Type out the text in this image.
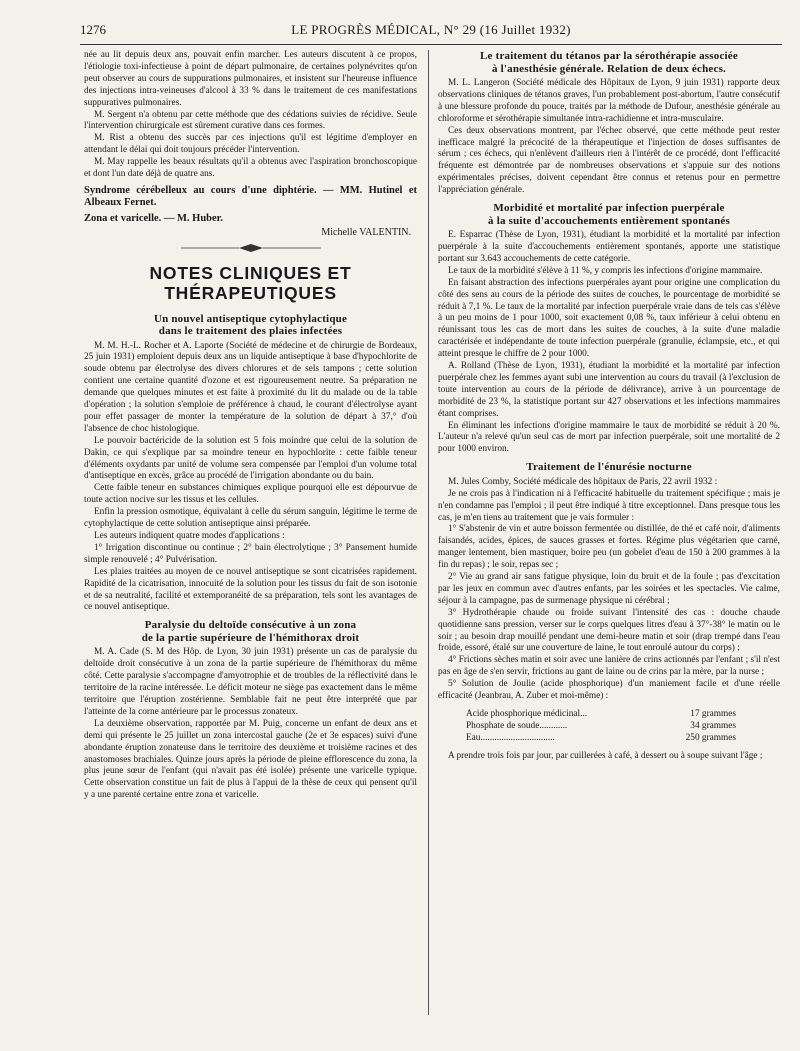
1276	LE PROGRÈS MÉDICAL, N° 29 (16 Juillet 1932)

née au lit depuis deux ans, pouvait enfin marcher. Les auteurs discutent à ce propos, l'étiologie toxi-infectieuse à point de départ pulmonaire, de certaines polynévrites qu'on peut observer au cours de suppurations pulmonaires, et insistent sur l'heureuse influence des injections intra-veineuses d'alcool à 33 % dans le traitement de ces manifestations suppuratives pulmonaires.

M. Sergent n'a obtenu par cette méthode que des cédations suivies de récidive. Seule l'intervention chirurgicale est sûrement curative dans ces formes.

M. Rist a obtenu des succès par ces injections qu'il est légitime d'employer en attendant le délai qui doit toujours précéder l'intervention.

M. May rappelle les beaux résultats qu'il a obtenus avec l'aspiration bronchoscopique et dont l'un date déjà de quatre ans.

Syndrome cérébelleux au cours d'une diphtérie. — MM. Hutinel et Albeaux Fernet.

Zona et varicelle. — M. Huber.

Michelle VALENTIN.
NOTES CLINIQUES ET THÉRAPEUTIQUES
Un nouvel antiseptique cytophylactique
dans le traitement des plaies infectées

M. M. H.-L. Rocher et A. Laporte (Société de médecine et de chirurgie de Bordeaux, 25 juin 1931) emploient depuis deux ans un liquide antiseptique à base d'hypochlorite de soude obtenu par électrolyse des divers chlorures et de sels tampons ; cette solution contient une certaine quantité d'ozone et est rigoureusement neutre. Sa préparation ne demande que quelques minutes et est faite à proximité du lit du malade ou de la table d'opération ; la solution s'emploie de préférence à chaud, le courant d'électrolyse ayant pour effet passager de monter la température de la solution de départ à 37,° d'où l'absence de choc histologique.

Le pouvoir bactéricide de la solution est 5 fois moindre que celui de la solution de Dakin, ce qui s'explique par sa moindre teneur en hypochlorite : cette faible teneur d'éléments oxydants par unité de volume sera compensée par l'emploi d'un volume total d'antiseptique en excès, grâce au procédé de l'irrigation abondante ou du bain.

Cette faible teneur en substances chimiques explique pourquoi elle est dépourvue de toute action nocive sur les tissus et les cellules.

Enfin la pression osmotique, équivalant à celle du sérum sanguin, légitime le terme de cytophylactique de cette solution antiseptique ainsi préparée.

Les auteurs indiquent quatre modes d'applications :

1° Irrigation discontinue ou continue ; 2° bain électrolytique ; 3° Pansement humide simple renouvelé ; 4° Pulvérisation.

Les plaies traitées au moyen de ce nouvel antiseptique se sont cicatrisées rapidement. Rapidité de la cicatrisation, innocuité de la solution pour les tissus du fait de son isotonie et de sa neutralité, facilité et extemporanéité de sa préparation, tels sont les avantages de ce nouvel antiseptique.

Paralysie du deltoïde consécutive à un zona
de la partie supérieure de l'hémithorax droit

M. A. Cade (S. M des Hôp. de Lyon, 30 juin 1931) présente un cas de paralysie du deltoïde droit consécutive à un zona de la partie supérieure de l'hémithorax du même côté. Cette paralysie s'accompagne d'amyotrophie et de troubles de la réflectivité dans le territoire de la racine intéressée. Le déficit moteur ne siège pas exactement dans le même territoire que l'éruption zostérienne. Semblable fait ne peut être interprété que par l'atteinte de la corne antérieure par le processus zonateux.

La deuxième observation, rapportée par M. Puig, concerne un enfant de deux ans et demi qui présente le 25 juillet un zona intercostal gauche (2e et 3e espaces) suivi d'une abondante éruption zonateuse dans le territoire des deuxième et troisième racines et des anastomoses brachiales. Quinze jours après la période de pleine efflorescence du zona, la plus jeune sœur de l'enfant (qui n'avait pas été isolée) présente une varicelle typique. Cette observation constitue un fait de plus à l'appui de la thèse de ceux qui pensent qu'il y a une parenté certaine entre zona et varicelle.

Le traitement du tétanos par la sérothérapie associée
à l'anesthésie générale. Relation de deux échecs.

M. L. Langeron (Société médicale des Hôpitaux de Lyon, 9 juin 1931) rapporte deux observations cliniques de tétanos graves, l'un probablement post-abortum, l'autre consécutif à une blessure profonde du pouce, traités par la méthode de Dufour, anesthésie générale au chloroforme et sérothérapie simultanée intra-rachidienne et intra-musculaire.

Ces deux observations montrent, par l'échec observé, que cette méthode peut rester inefficace malgré la précocité de la thérapeutique et l'injection de doses suffisantes de sérum ; ces échecs, qui n'enlèvent d'ailleurs rien à l'intérêt de ce procédé, dont l'efficacité fréquente est démontrée par de nombreuses observations et s'appuie sur des notions expérimentales précises, doivent cependant être connus et retenus pour en permettre l'appréciation générale.

Morbidité et mortalité par infection puerpérale
à la suite d'accouchements entièrement spontanés

E. Esparrac (Thèse de Lyon, 1931), étudiant la morbidité et la mortalité par infection puerpérale à la suite d'accouchements entièrement spontanés, apporte une statistique portant sur 3.643 accouchements de cette catégorie.

Le taux de la morbidité s'élève à 11 %, y compris les infections d'origine mammaire.

En faisant abstraction des infections puerpérales ayant pour origine une complication du côté des sens au cours de la période des suites de couches, le pourcentage de morbidité se réduit à 7,1 %. Le taux de la mortalité par infection puerpérale vraie dans de tels cas s'élève à un peu moins de 1 pour 1000, soit exactement 0,08 %, taux inférieur à celui obtenu en réunissant tous les cas de mort dans les suites de couches, à la suite d'une maladie caractérisée et indépendante de toute infection puerpérale (granulie, éclampsie, etc., et qui atteint presque le chiffre de 2 pour 1000.

A. Rolland (Thèse de Lyon, 1931), étudiant la morbidité et la mortalité par infection puerpérale chez les femmes ayant subi une intervention au cours du travail (à l'exclusion de toute intervention au cours de la période de délivrance), arrive à un pourcentage de morbidité de 23 %, la statistique portant sur 427 observations et les infections mammaires étant comprises.

En éliminant les infections d'origine mammaire le taux de morbidité se réduit à 20 %. L'auteur n'a relevé qu'un seul cas de mort par infection puerpérale, soit une mortalité de 2 pour 1000 environ.

Traitement de l'énurésie nocturne

M. Jules Comby, Société médicale des hôpitaux de Paris, 22 avril 1932 :

Je ne crois pas à l'indication ni à l'efficacité habituelle du traitement spécifique ; mais je n'en condamne pas l'emploi ; il peut être indiqué à titre exceptionnel. Dans presque tous les cas, je m'en tiens au traitement que je vais formuler :

1° S'abstenir de vin et autre boisson fermentée ou distillée, de thé et café noir, d'aliments faisandés, acides, épices, de sauces grasses et fortes. Régime plus végétarien que carné, manger lentement, bien mastiquer, boire peu (un gobelet d'eau de 150 à 200 grammes à la fin du repas) ; le soir, repas sec ;

2° Vie au grand air sans fatigue physique, loin du bruit et de la foule ; pas d'excitation par les jeux en commun avec d'autres enfants, par les soirées et les spectacles. Vie calme, séjour à la campagne, pas de surmenage physique ni cérébral ;

3° Hydrothérapie chaude ou froide suivant l'intensité des cas : douche chaude quotidienne sans pression, verser sur le corps quelques litres d'eau à 37°-38° le matin ou le soir ; au besoin drap mouillé pendant une demi-heure matin et soir (drap trempé dans l'eau froide, essoré, étalé sur une couverture de laine, le tout enroulé autour du corps) ;

4° Frictions sèches matin et soir avec une lanière de crins actionnés par l'enfant ; s'il n'est pas en âge de s'en servir, frictions au gant de laine ou de crins par la mère, par la nurse ;

5° Solution de Joulie (acide phosphorique) d'un maniement facile et d'une réelle efficacité (Jeanbrau, A. Zuber et moi-même) :

Acide phosphorique médicinal...	17 grammes
Phosphate de soude............	34 grammes
Eau................................	250 grammes

A prendre trois fois par jour, par cuillerées à café, à dessert ou à soupe suivant l'âge ;
